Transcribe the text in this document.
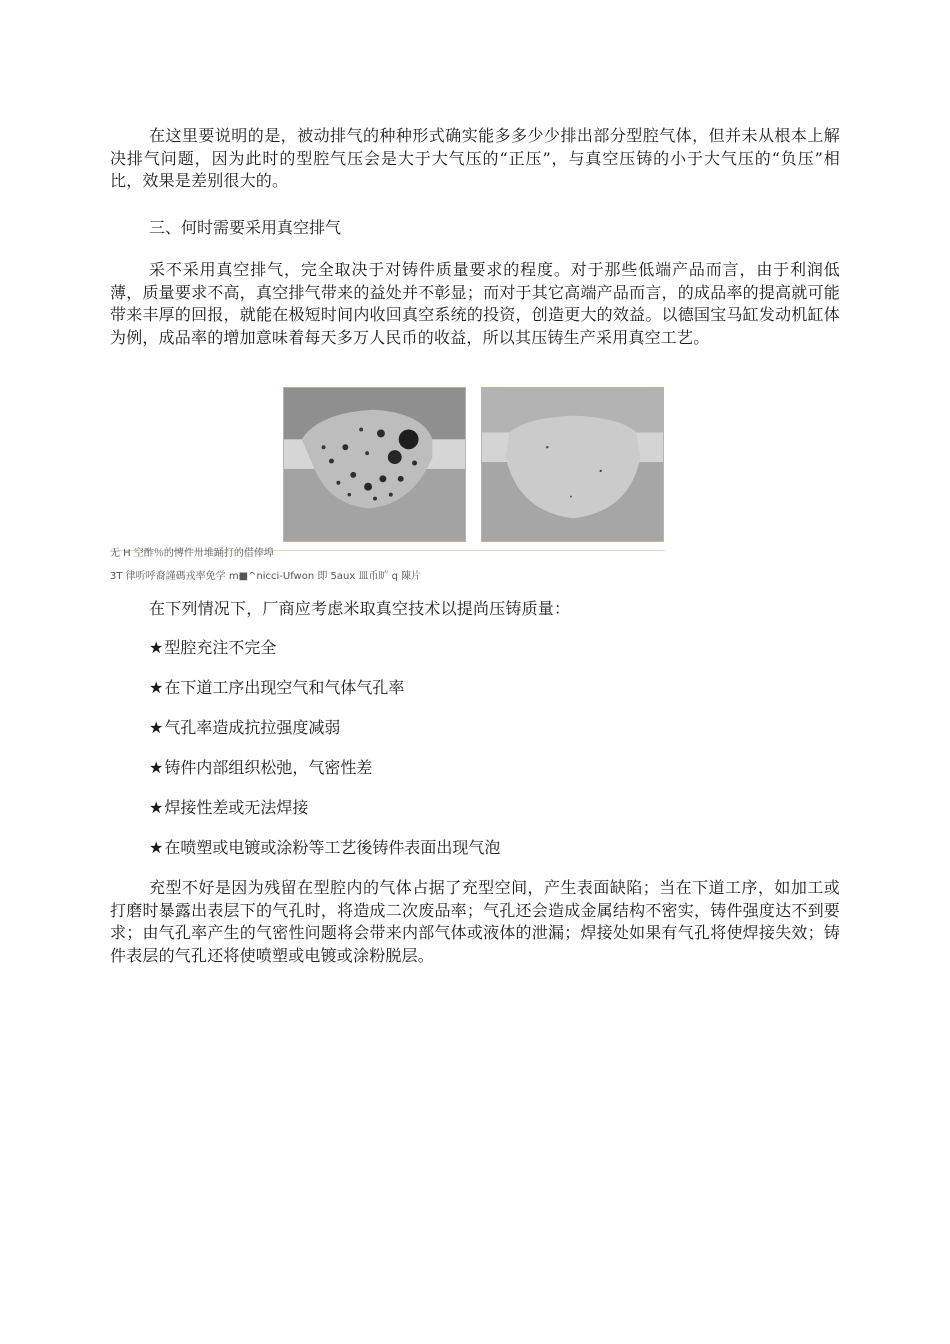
在这里要说明的是，被动排气的种种形式确实能多多少少排出部分型腔气体，但并未从根本上解决排气问题，因为此时的型腔气压会是大于大气压的“正压”，与真空压铸的小于大气压的“负压”相比，效果是差别很大的。

三、何时需要采用真空排气

采不采用真空排气，完全取决于对铸件质量要求的程度。对于那些低端产品而言，由于利润低薄，质量要求不高，真空排气带来的益处并不彰显；而对于其它高端产品而言，的成品率的提高就可能带来丰厚的回报，就能在极短时间内收回真空系统的投资，创造更大的效益。以德国宝马缸发动机缸体为例，成品率的增加意味着每天多万人民币的收益，所以其压铸生产采用真空工艺。

无 H 空酢％的慱件卅堆踊打的借俸埠

3T 律听呼裔謹碼戎率免学 m■^nicci-Ufwon 即 5aux 皿币旷 q 陳片

在下列情况下，厂商应考虑米取真空技术以提尚压铸质量：

★型腔充注不完全

★在下道工序出现空气和气体气孔率

★气孔率造成抗拉强度减弱

★铸件内部组织松弛，气密性差

★焊接性差或无法焊接

★在喷塑或电镀或涂粉等工艺後铸件表面出现气泡

充型不好是因为残留在型腔内的气体占据了充型空间，产生表面缺陷；当在下道工序，如加工或打磨时暴露出表层下的气孔时，将造成二次废品率；气孔还会造成金属结构不密实，铸件强度达不到要求；由气孔率产生的气密性问题将会带来内部气体或液体的泄漏；焊接处如果有气孔将使焊接失效；铸件表层的气孔还将使喷塑或电镀或涂粉脱层。
